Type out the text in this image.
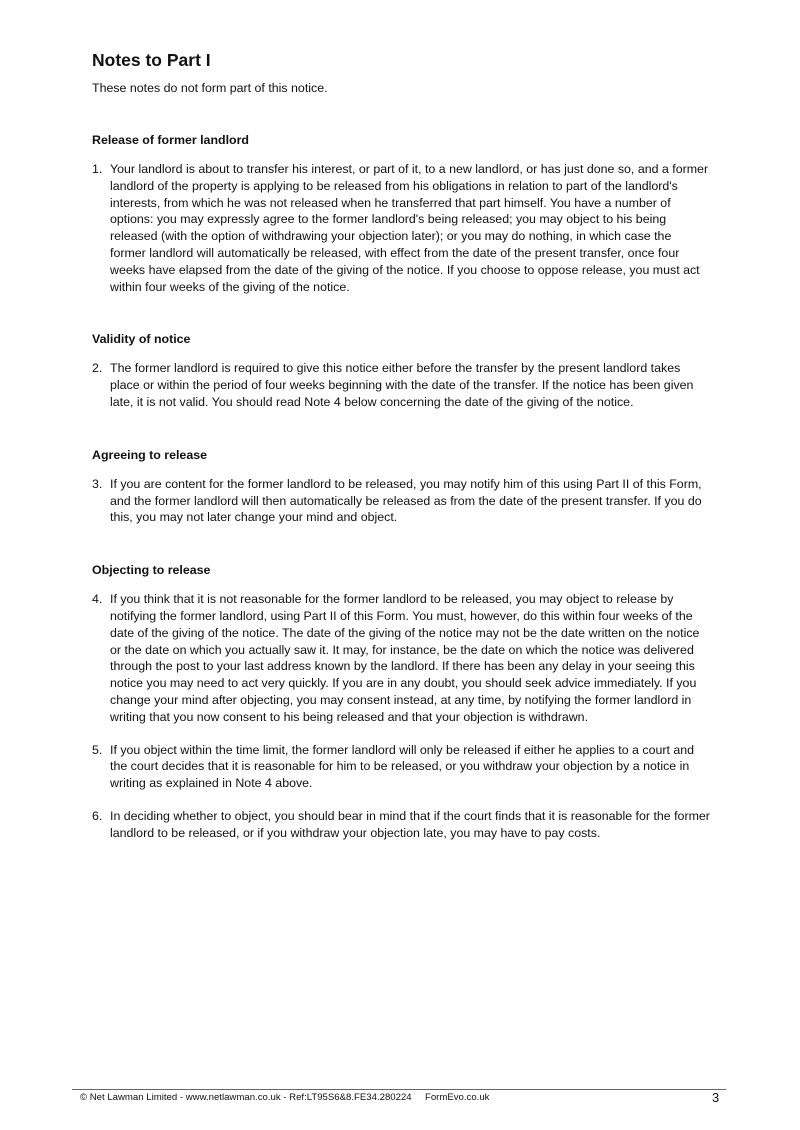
Notes to Part I

These notes do not form part of this notice.

Release of former landlord
1. Your landlord is about to transfer his interest, or part of it, to a new landlord, or has just done so, and a former landlord of the property is applying to be released from his obligations in relation to part of the landlord's interests, from which he was not released when he transferred that part himself. You have a number of options: you may expressly agree to the former landlord's being released; you may object to his being released (with the option of withdrawing your objection later); or you may do nothing, in which case the former landlord will automatically be released, with effect from the date of the present transfer, once four weeks have elapsed from the date of the giving of the notice. If you choose to oppose release, you must act within four weeks of the giving of the notice.
Validity of notice
2. The former landlord is required to give this notice either before the transfer by the present landlord takes place or within the period of four weeks beginning with the date of the transfer. If the notice has been given late, it is not valid. You should read Note 4 below concerning the date of the giving of the notice.
Agreeing to release
3. If you are content for the former landlord to be released, you may notify him of this using Part II of this Form, and the former landlord will then automatically be released as from the date of the present transfer. If you do this, you may not later change your mind and object.
Objecting to release
4. If you think that it is not reasonable for the former landlord to be released, you may object to release by notifying the former landlord, using Part II of this Form. You must, however, do this within four weeks of the date of the giving of the notice. The date of the giving of the notice may not be the date written on the notice or the date on which you actually saw it. It may, for instance, be the date on which the notice was delivered through the post to your last address known by the landlord. If there has been any delay in your seeing this notice you may need to act very quickly. If you are in any doubt, you should seek advice immediately. If you change your mind after objecting, you may consent instead, at any time, by notifying the former landlord in writing that you now consent to his being released and that your objection is withdrawn.
5. If you object within the time limit, the former landlord will only be released if either he applies to a court and the court decides that it is reasonable for him to be released, or you withdraw your objection by a notice in writing as explained in Note 4 above.
6. In deciding whether to object, you should bear in mind that if the court finds that it is reasonable for the former landlord to be released, or if you withdraw your objection late, you may have to pay costs.
© Net Lawman Limited - www.netlawman.co.uk - Ref:LT95S6&8.FE34.280224     FormEvo.co.uk	3
